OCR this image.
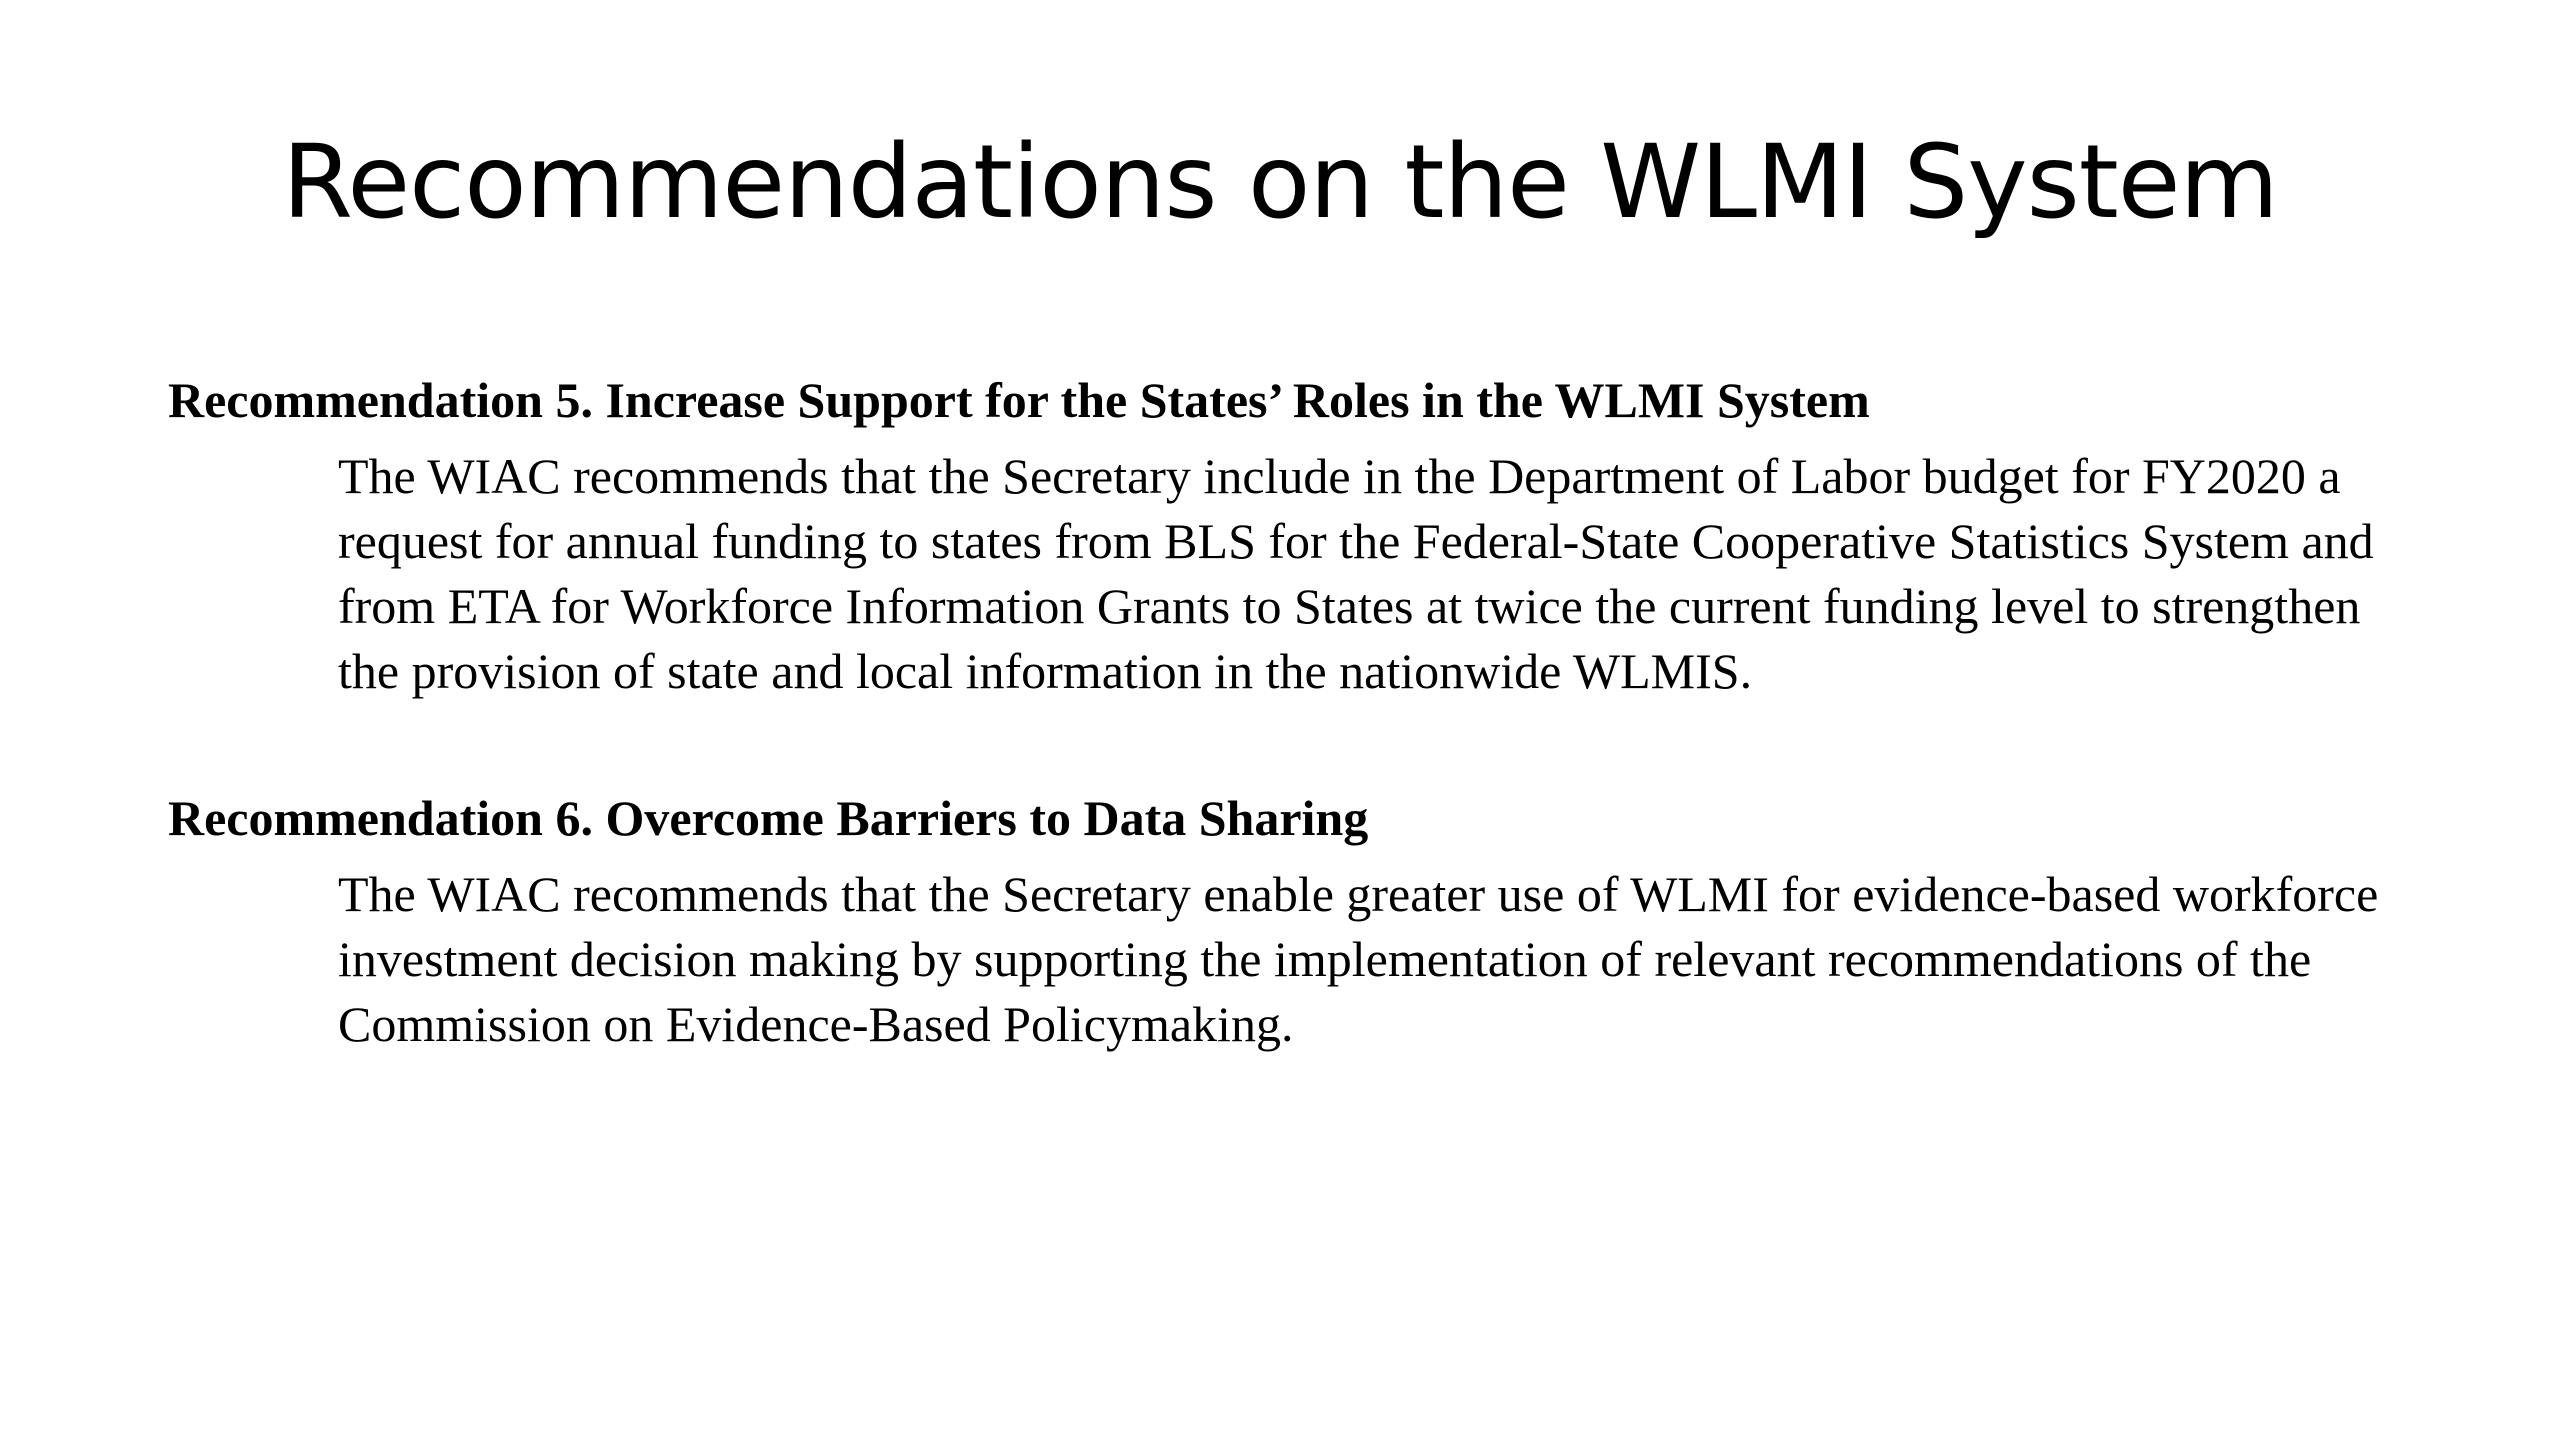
Recommendations on the WLMI System

Recommendation 5. Increase Support for the States’ Roles in the WLMI System

The WIAC recommends that the Secretary include in the Department of Labor budget for FY2020 a request for annual funding to states from BLS for the Federal-State Cooperative Statistics System and from ETA for Workforce Information Grants to States at twice the current funding level to strengthen the provision of state and local information in the nationwide WLMIS.

Recommendation 6. Overcome Barriers to Data Sharing

The WIAC recommends that the Secretary enable greater use of WLMI for evidence-based workforce investment decision making by supporting the implementation of relevant recommendations of the Commission on Evidence-Based Policymaking.
